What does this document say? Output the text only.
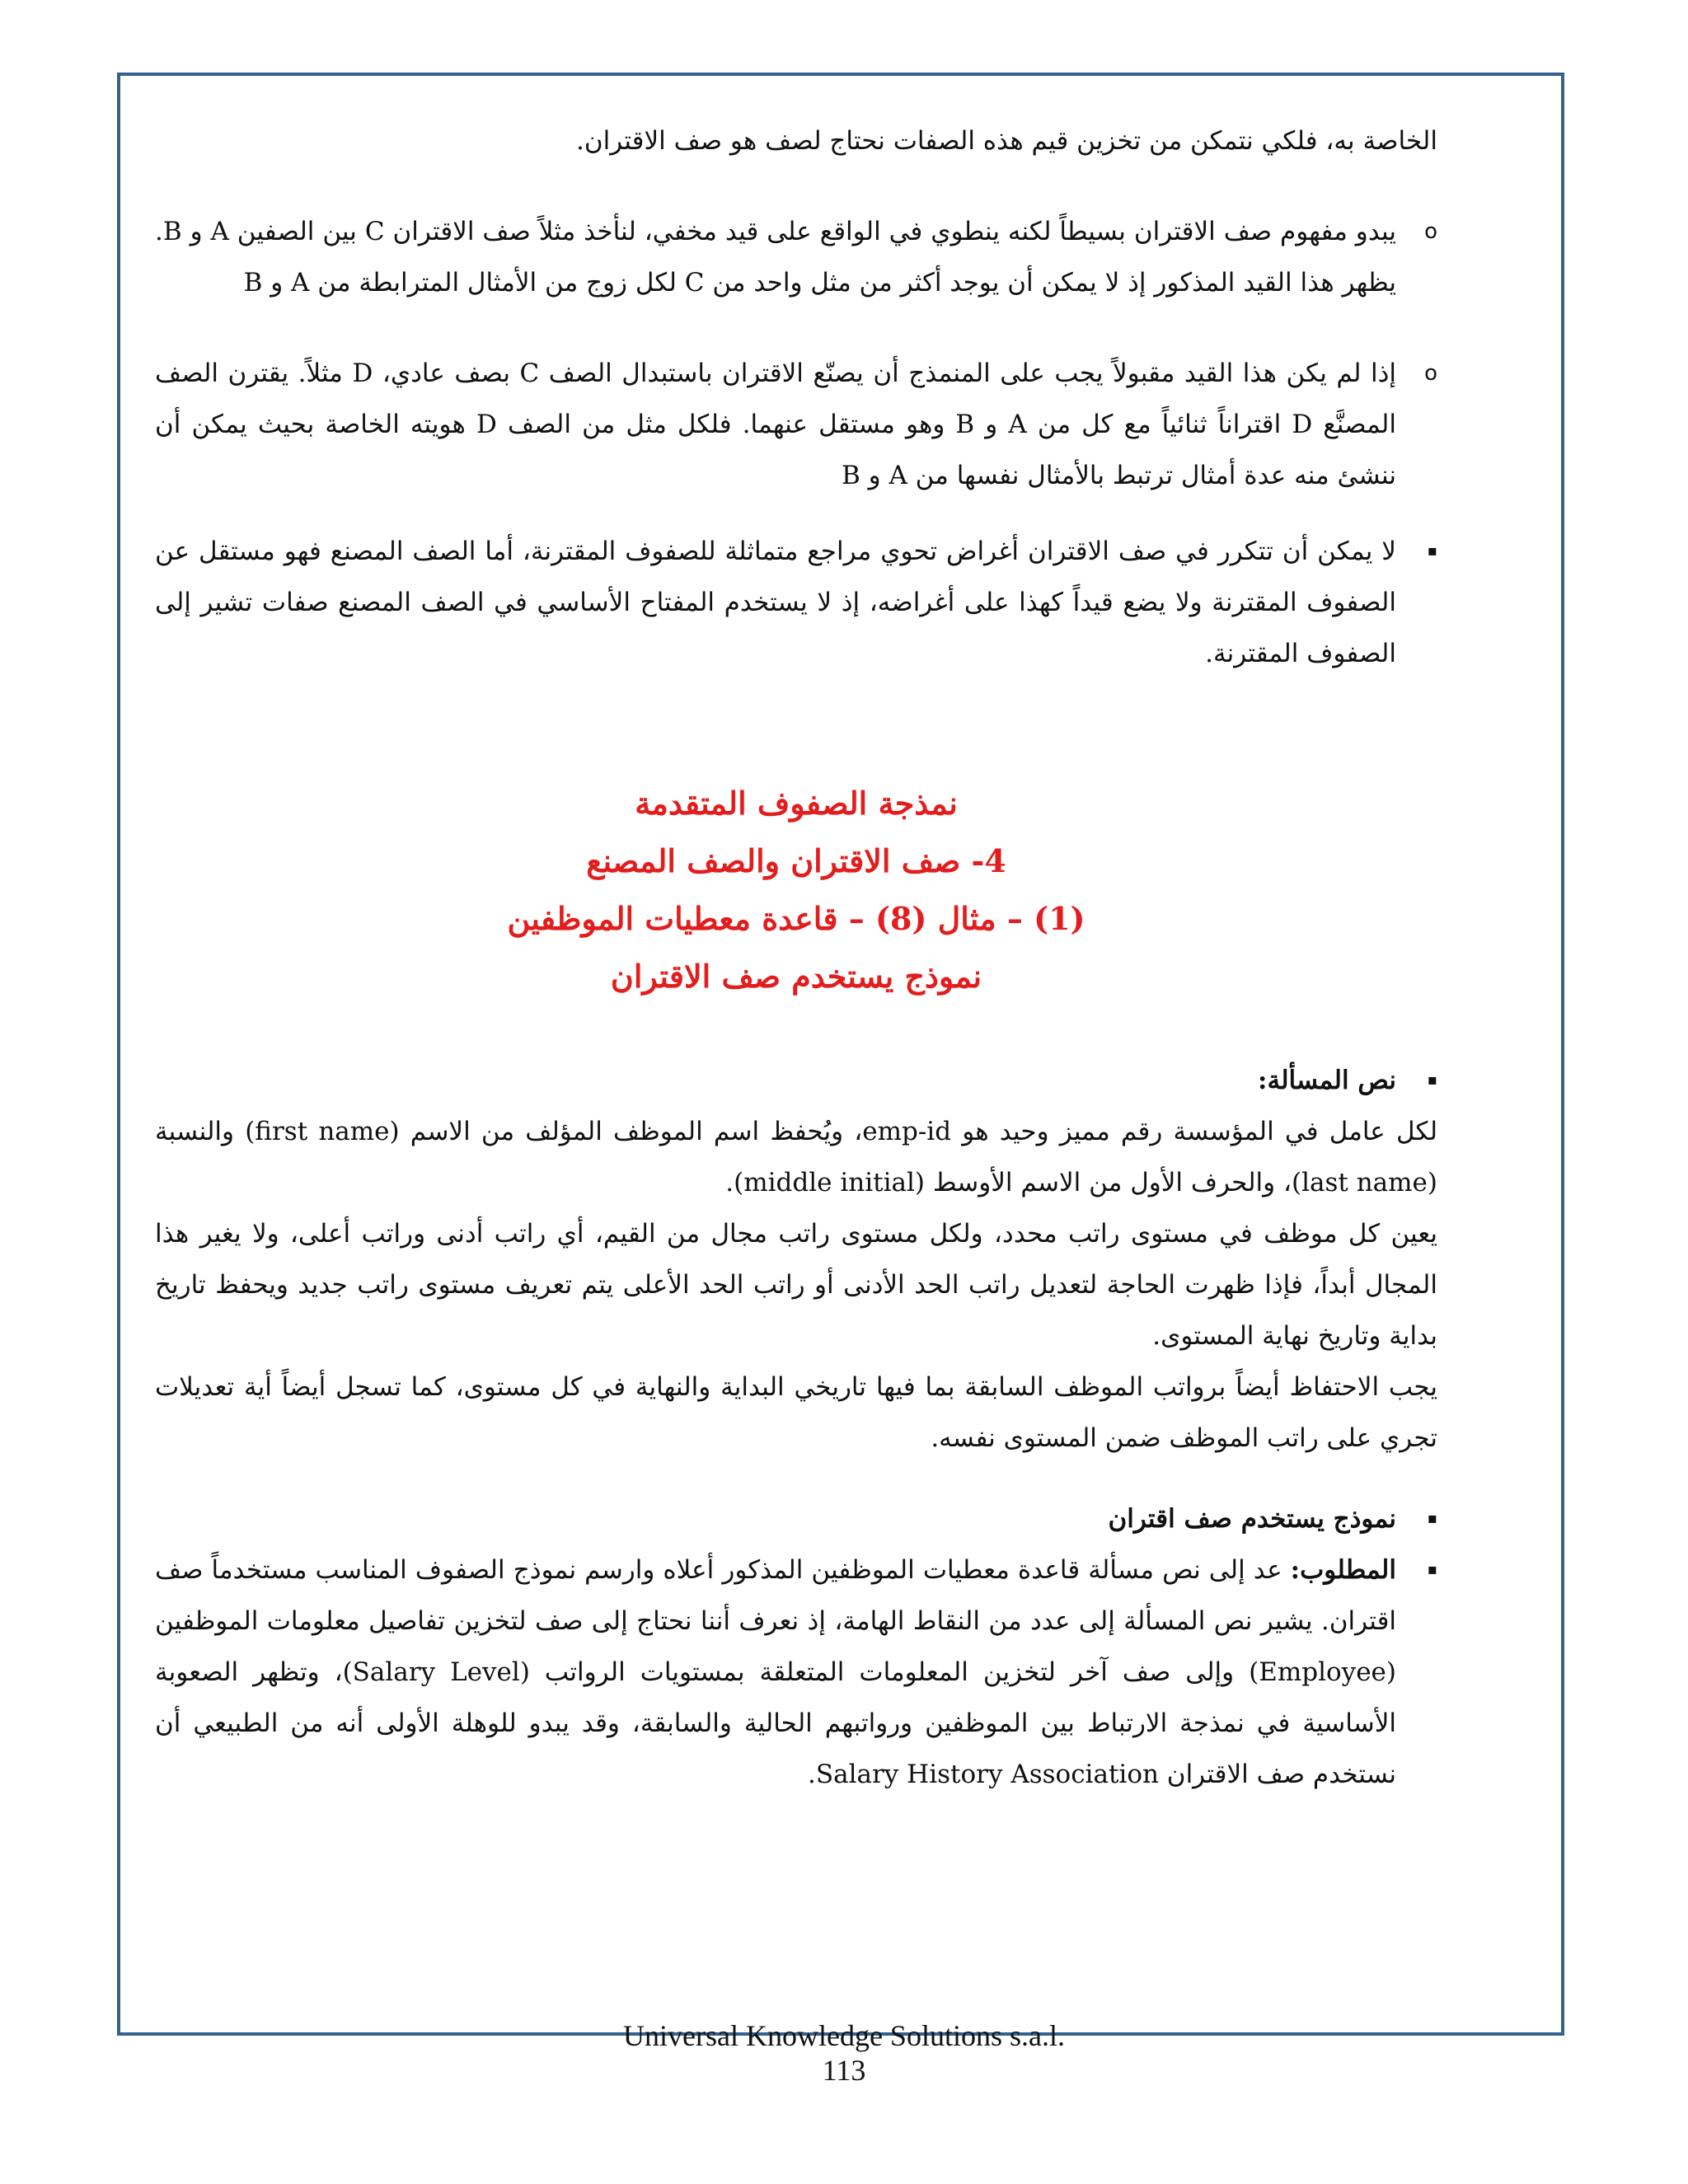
الخاصة به، فلكي نتمكن من تخزين قيم هذه الصفات نحتاج لصف هو صف الاقتران.

o
يبدو مفهوم صف الاقتران بسيطاً لكنه ينطوي في الواقع على قيد مخفي، لنأخذ مثلاً صف الاقتران C بين الصفين A و B. يظهر هذا القيد المذكور إذ لا يمكن أن يوجد أكثر من مثل واحد من C لكل زوج من الأمثال المترابطة من A و B
o
إذا لم يكن هذا القيد مقبولاً يجب على المنمذج أن يصنّع الاقتران باستبدال الصف C بصف عادي، D مثلاً. يقترن الصف المصنَّع D اقتراناً ثنائياً مع كل من A و B وهو مستقل عنهما. فلكل مثل من الصف D هويته الخاصة بحيث يمكن أن ننشئ منه عدة أمثال ترتبط بالأمثال نفسها من A و B
▪
لا يمكن أن تتكرر في صف الاقتران أغراض تحوي مراجع متماثلة للصفوف المقترنة، أما الصف المصنع فهو مستقل عن الصفوف المقترنة ولا يضع قيداً كهذا على أغراضه، إذ لا يستخدم المفتاح الأساسي في الصف المصنع صفات تشير إلى الصفوف المقترنة.

نمذجة الصفوف المتقدمة

4- صف الاقتران والصف المصنع

(1) – مثال (8) – قاعدة معطيات الموظفين

نموذج يستخدم صف الاقتران

▪
نص المسألة:

لكل عامل في المؤسسة رقم مميز وحيد هو emp-id، ويُحفظ اسم الموظف المؤلف من الاسم (first name) والنسبة (last name)، والحرف الأول من الاسم الأوسط (middle initial).

يعين كل موظف في مستوى راتب محدد، ولكل مستوى راتب مجال من القيم، أي راتب أدنى وراتب أعلى، ولا يغير هذا المجال أبداً، فإذا ظهرت الحاجة لتعديل راتب الحد الأدنى أو راتب الحد الأعلى يتم تعريف مستوى راتب جديد ويحفظ تاريخ بداية وتاريخ نهاية المستوى.

يجب الاحتفاظ أيضاً برواتب الموظف السابقة بما فيها تاريخي البداية والنهاية في كل مستوى، كما تسجل أيضاً أية تعديلات تجري على راتب الموظف ضمن المستوى نفسه.

▪
نموذج يستخدم صف اقتران
▪
المطلوب: عد إلى نص مسألة قاعدة معطيات الموظفين المذكور أعلاه وارسم نموذج الصفوف المناسب مستخدماً صف اقتران. يشير نص المسألة إلى عدد من النقاط الهامة، إذ نعرف أننا نحتاج إلى صف لتخزين تفاصيل معلومات الموظفين (Employee) وإلى صف آخر لتخزين المعلومات المتعلقة بمستويات الرواتب (Salary Level)، وتظهر الصعوبة الأساسية في نمذجة الارتباط بين الموظفين ورواتبهم الحالية والسابقة، وقد يبدو للوهلة الأولى أنه من الطبيعي أن نستخدم صف الاقتران Salary History Association.
Universal Knowledge Solutions s.a.l.
113
